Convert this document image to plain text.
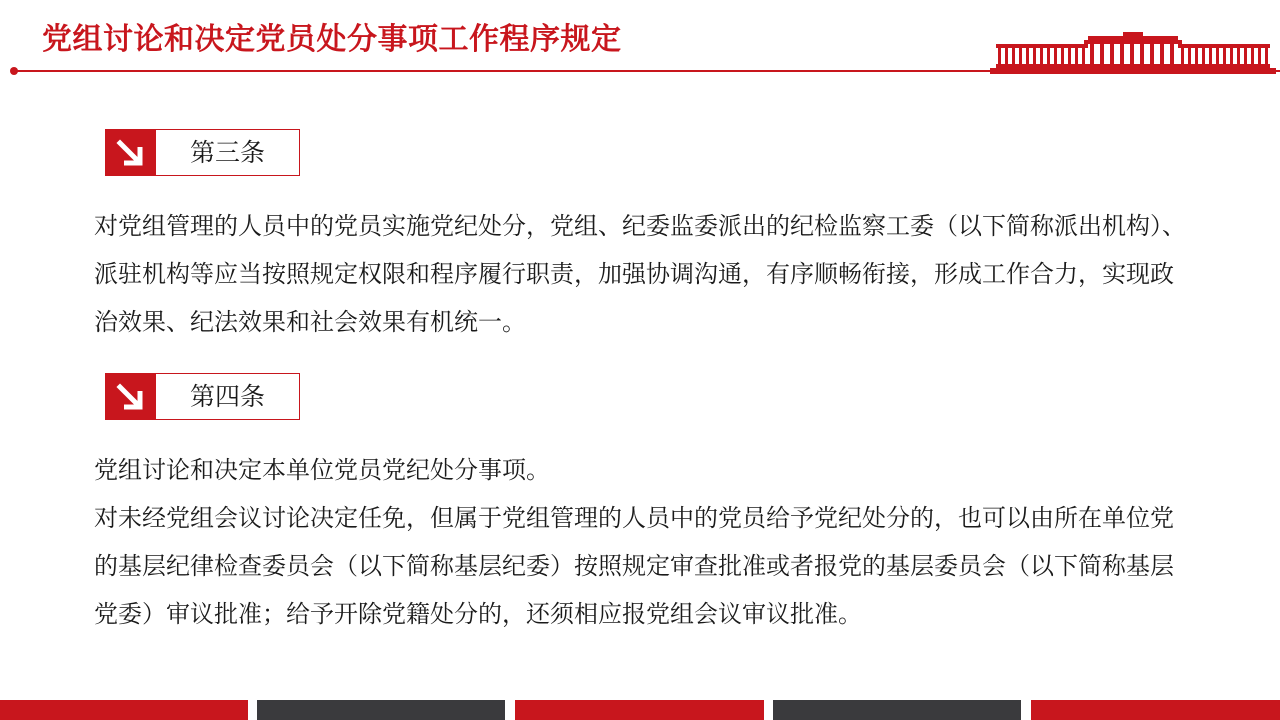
党组讨论和决定党员处分事项工作程序规定
第三条
对党组管理的人员中的党员实施党纪处分，党组、纪委监委派出的纪检监察工委（以下简称派出机构）、派驻机构等应当按照规定权限和程序履行职责，加强协调沟通，有序顺畅衔接，形成工作合力，实现政治效果、纪法效果和社会效果有机统一。
第四条
党组讨论和决定本单位党员党纪处分事项。
对未经党组会议讨论决定任免，但属于党组管理的人员中的党员给予党纪处分的，也可以由所在单位党的基层纪律检查委员会（以下简称基层纪委）按照规定审查批准或者报党的基层委员会（以下简称基层党委）审议批准；给予开除党籍处分的，还须相应报党组会议审议批准。
